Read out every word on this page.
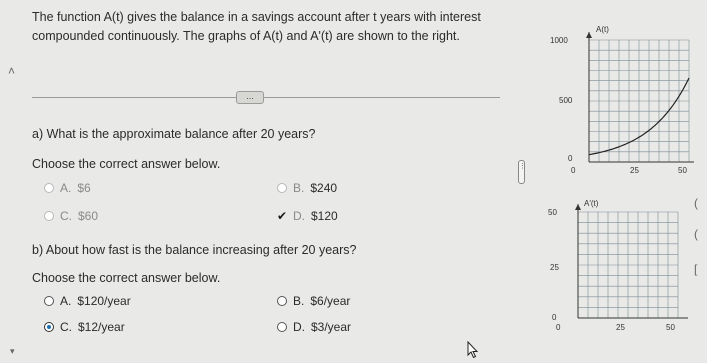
The function A(t) gives the balance in a savings account after t years with interest compounded continuously. The graphs of A(t) and A'(t) are shown to the right.
...
˄
a) What is the approximate balance after 20 years?
Choose the correct answer below.
A. $6	B. $240
C. $60	✔ D. $120
b) About how fast is the balance increasing after 20 years?
Choose the correct answer below.
A. $120/year	B. $6/year
C. $12/year	D. $3/year
▾
⋮
A(t)
1000
500
0
0	25	50
A'(t)
50
25
0
0	25	50
(
(
[
